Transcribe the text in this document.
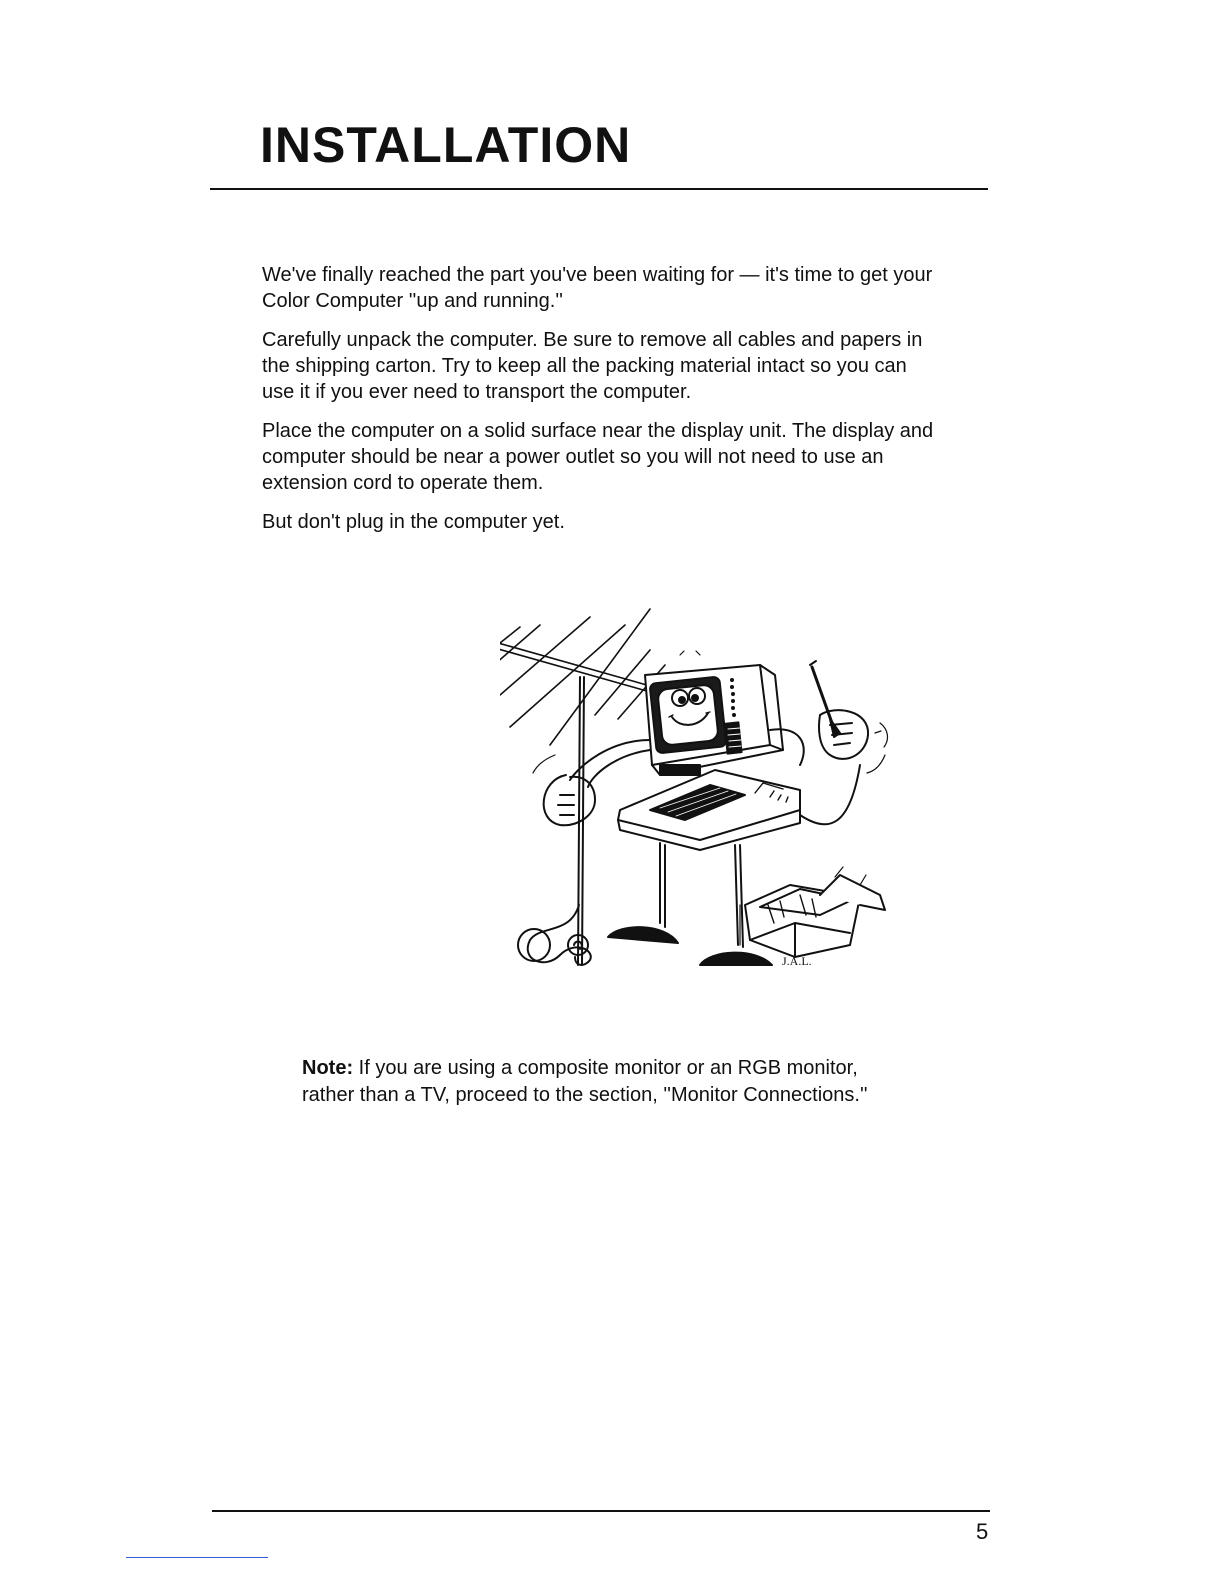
INSTALLATION

We've finally reached the part you've been waiting for — it's time to get your Color Computer ''up and running.''

Carefully unpack the computer. Be sure to remove all cables and papers in the shipping carton. Try to keep all the packing material intact so you can use it if you ever need to transport the computer.

Place the computer on a solid surface near the display unit. The display and computer should be near a power outlet so you will not need to use an extension cord to operate them.

But don't plug in the computer yet.

J.A.L.

Note: If you are using a composite monitor or an RGB monitor, rather than a TV, proceed to the section, ''Monitor Connections.''

5
